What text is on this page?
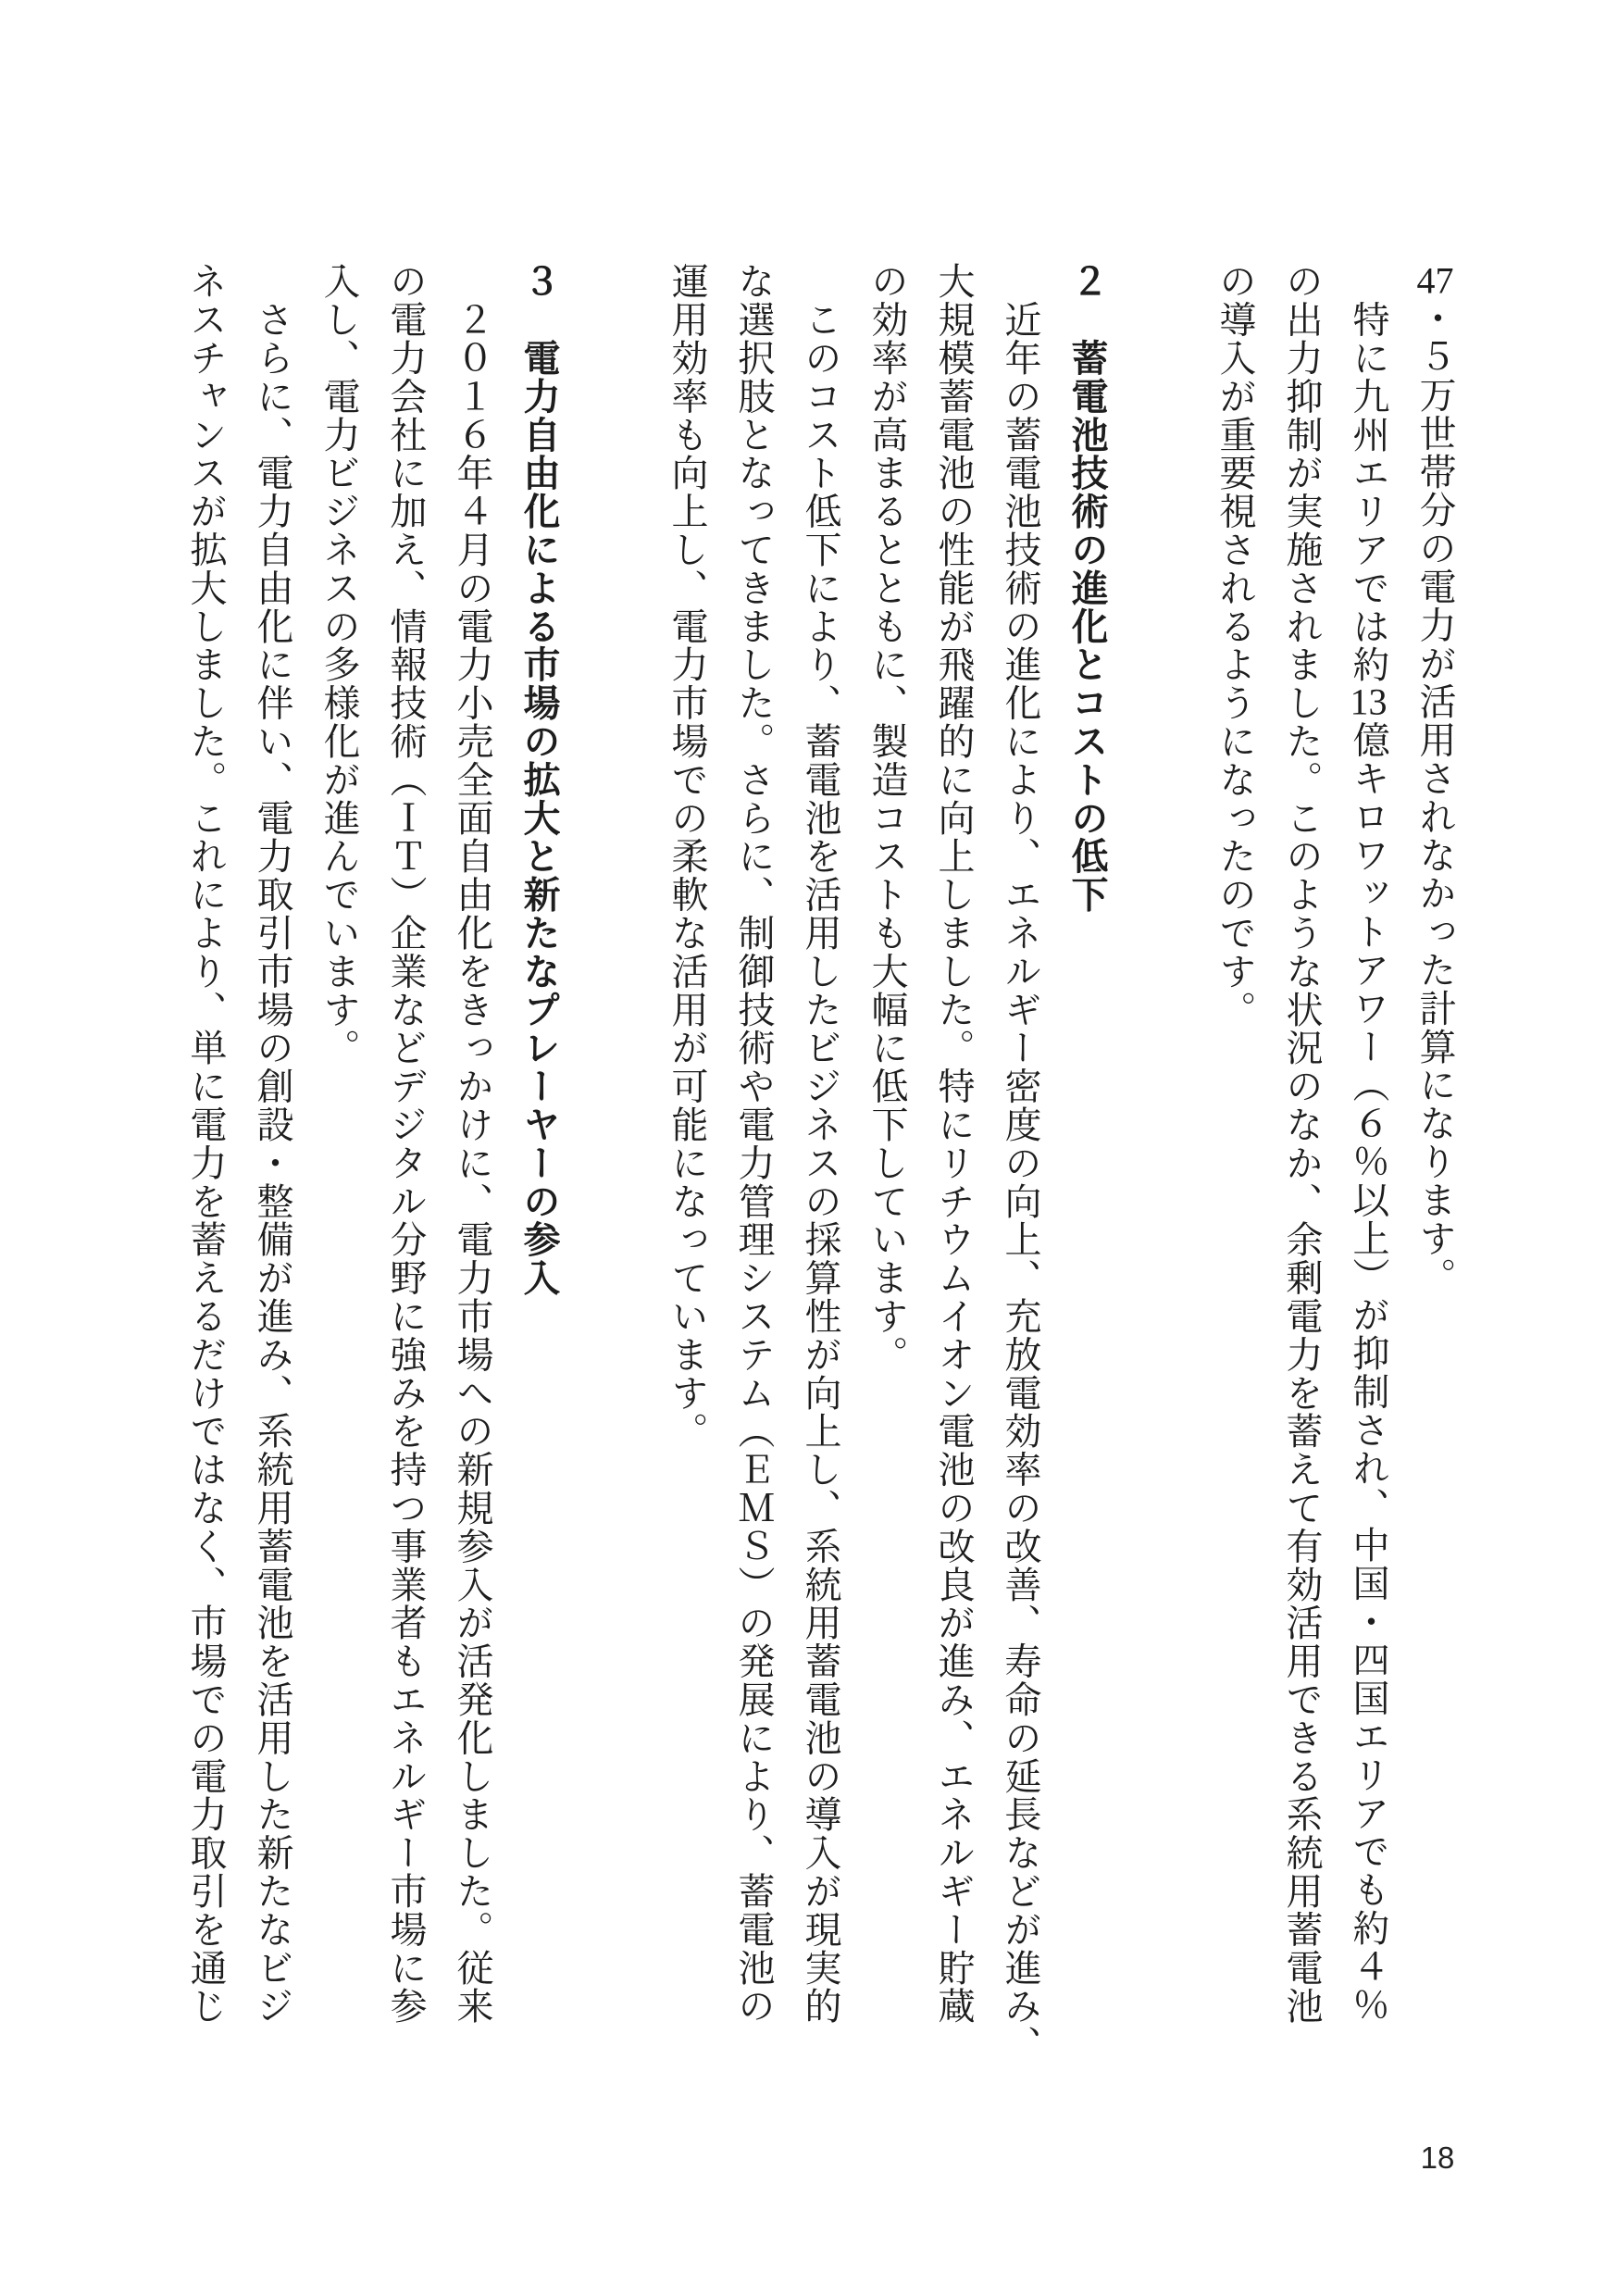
47・５万世帯分の電力が活用されなかった計算になります。
　特に九州エリアでは約13億キロワットアワー（６％以上）が抑制され、中国・四国エリアでも約４％
の出力抑制が実施されました。このような状況のなか、余剰電力を蓄えて有効活用できる系統用蓄電池
の導入が重要視されるようになったのです。
２　蓄電池技術の進化とコストの低下
　近年の蓄電池技術の進化により、エネルギー密度の向上、充放電効率の改善、寿命の延長などが進み、
大規模蓄電池の性能が飛躍的に向上しました。特にリチウムイオン電池の改良が進み、エネルギー貯蔵
の効率が高まるとともに、製造コストも大幅に低下しています。
　このコスト低下により、蓄電池を活用したビジネスの採算性が向上し、系統用蓄電池の導入が現実的
な選択肢となってきました。さらに、制御技術や電力管理システム（ＥＭＳ）の発展により、蓄電池の
運用効率も向上し、電力市場での柔軟な活用が可能になっています。
３　電力自由化による市場の拡大と新たなプレーヤーの参入
　２０１６年４月の電力小売全面自由化をきっかけに、電力市場への新規参入が活発化しました。従来
の電力会社に加え、情報技術（ＩＴ）企業などデジタル分野に強みを持つ事業者もエネルギー市場に参
入し、電力ビジネスの多様化が進んでいます。
　さらに、電力自由化に伴い、電力取引市場の創設・整備が進み、系統用蓄電池を活用した新たなビジ
ネスチャンスが拡大しました。これにより、単に電力を蓄えるだけではなく、市場での電力取引を通じ
18
